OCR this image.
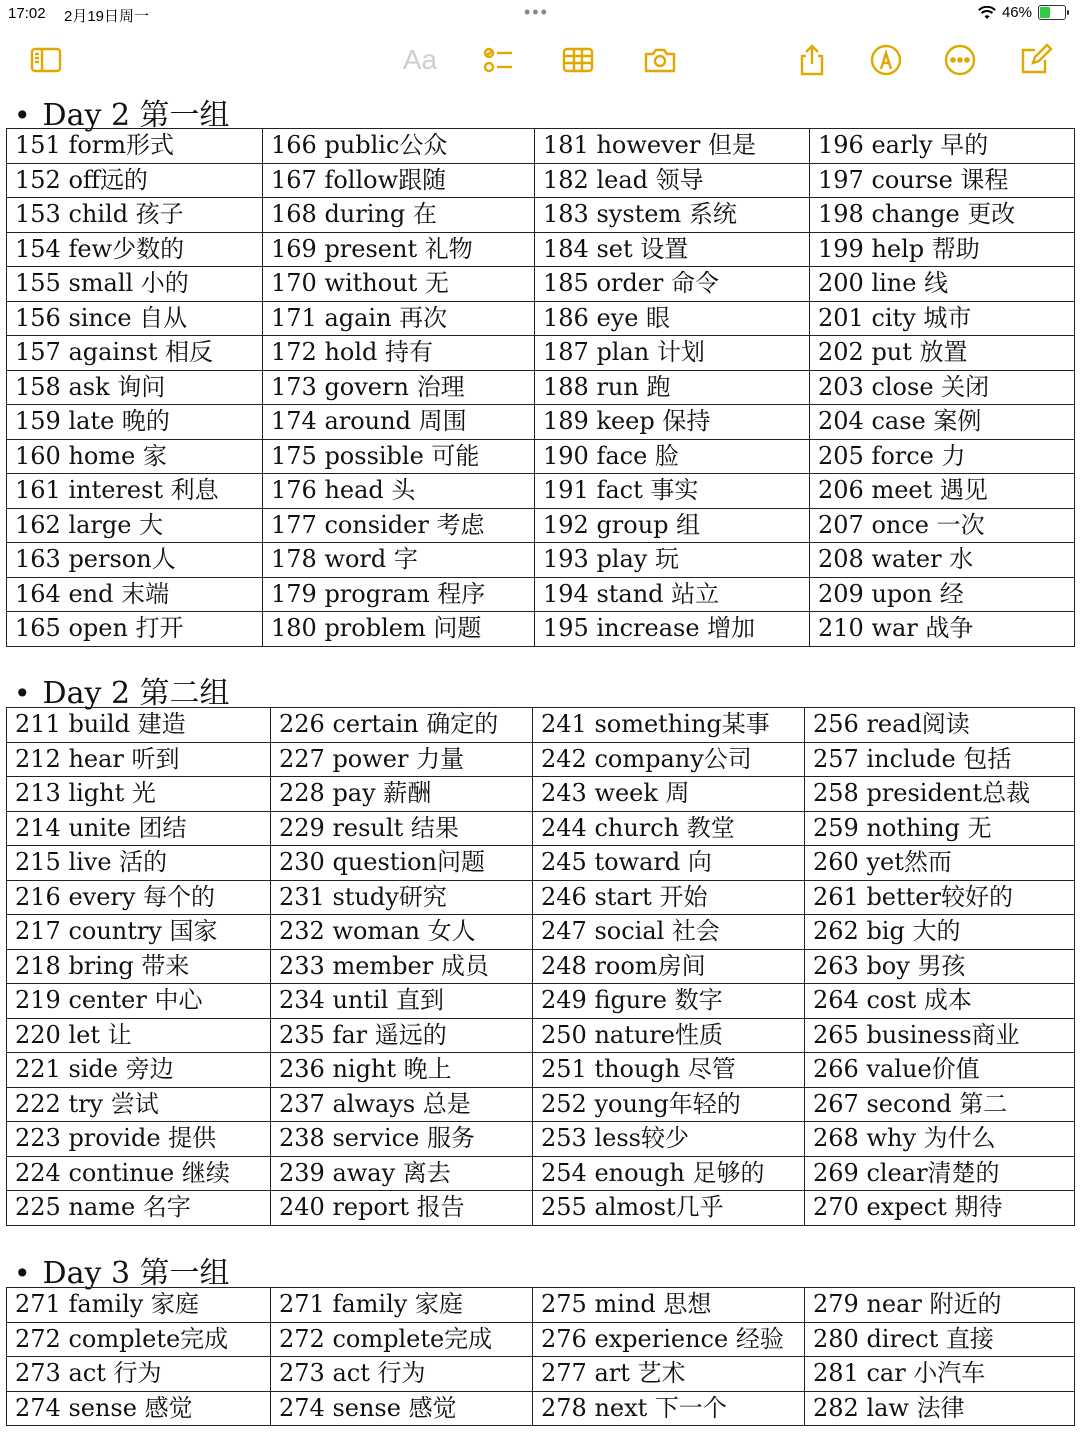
17:02 2月19日周一	•••	46%
Aa
• Day 2 第一组
151 form形式	166 public公众	181 however 但是	196 early 早的
152 off远的	167 follow跟随	182 lead 领导	197 course 课程
153 child 孩子	168 during 在	183 system 系统	198 change 更改
154 few少数的	169 present 礼物	184 set 设置	199 help 帮助
155 small 小的	170 without 无	185 order 命令	200 line 线
156 since 自从	171 again 再次	186 eye 眼	201 city 城市
157 against 相反	172 hold 持有	187 plan 计划	202 put 放置
158 ask 询问	173 govern 治理	188 run 跑	203 close 关闭
159 late 晚的	174 around 周围	189 keep 保持	204 case 案例
160 home 家	175 possible 可能	190 face 脸	205 force 力
161 interest 利息	176 head 头	191 fact 事实	206 meet 遇见
162 large 大	177 consider 考虑	192 group 组	207 once 一次
163 person人	178 word 字	193 play 玩	208 water 水
164 end 末端	179 program 程序	194 stand 站立	209 upon 经
165 open 打开	180 problem 问题	195 increase 增加	210 war 战争
• Day 2 第二组
211 build 建造	226 certain 确定的	241 something某事	256 read阅读
212 hear 听到	227 power 力量	242 company公司	257 include 包括
213 light 光	228 pay 薪酬	243 week 周	258 president总裁
214 unite 团结	229 result 结果	244 church 教堂	259 nothing 无
215 live 活的	230 question问题	245 toward 向	260 yet然而
216 every 每个的	231 study研究	246 start 开始	261 better较好的
217 country 国家	232 woman 女人	247 social 社会	262 big 大的
218 bring 带来	233 member 成员	248 room房间	263 boy 男孩
219 center 中心	234 until 直到	249 figure 数字	264 cost 成本
220 let 让	235 far 遥远的	250 nature性质	265 business商业
221 side 旁边	236 night 晚上	251 though 尽管	266 value价值
222 try 尝试	237 always 总是	252 young年轻的	267 second 第二
223 provide 提供	238 service 服务	253 less较少	268 why 为什么
224 continue 继续	239 away 离去	254 enough 足够的	269 clear清楚的
225 name 名字	240 report 报告	255 almost几乎	270 expect 期待
• Day 3 第一组
271 family 家庭	271 family 家庭	275 mind 思想	279 near 附近的
272 complete完成	272 complete完成	276 experience 经验	280 direct 直接
273 act 行为	273 act 行为	277 art 艺术	281 car 小汽车
274 sense 感觉	274 sense 感觉	278 next 下一个	282 law 法律
